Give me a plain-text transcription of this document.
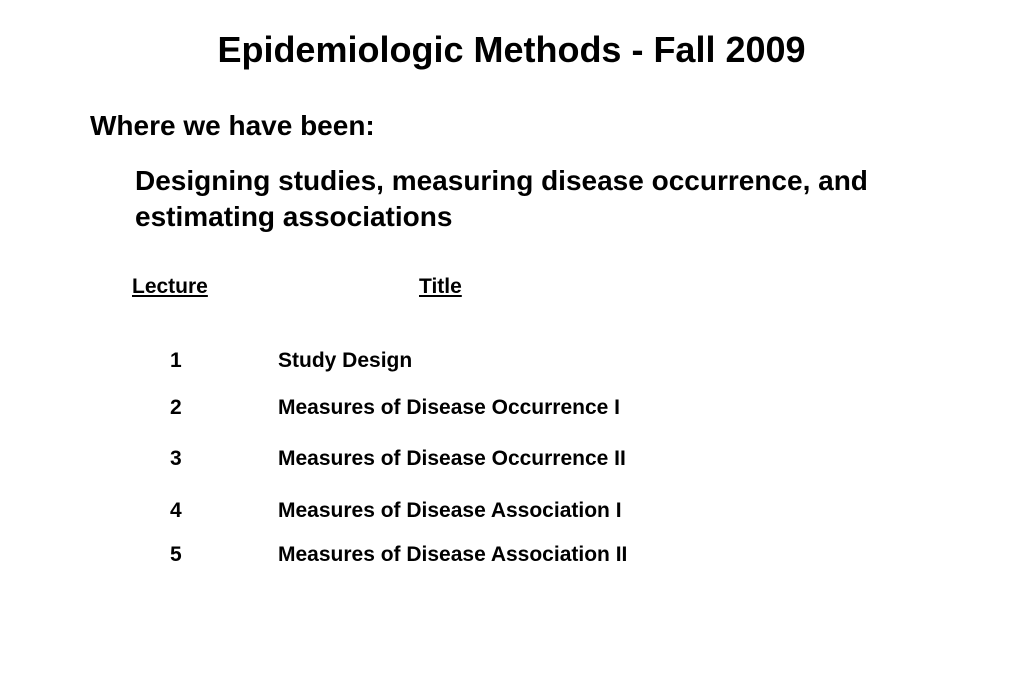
Epidemiologic Methods - Fall 2009
Where we have been:
Designing studies, measuring disease occurrence, and estimating associations
Lecture	Title
1	Study Design
2	Measures of Disease Occurrence I
3	Measures of Disease Occurrence II
4	Measures of Disease Association I
5	Measures of Disease Association II
